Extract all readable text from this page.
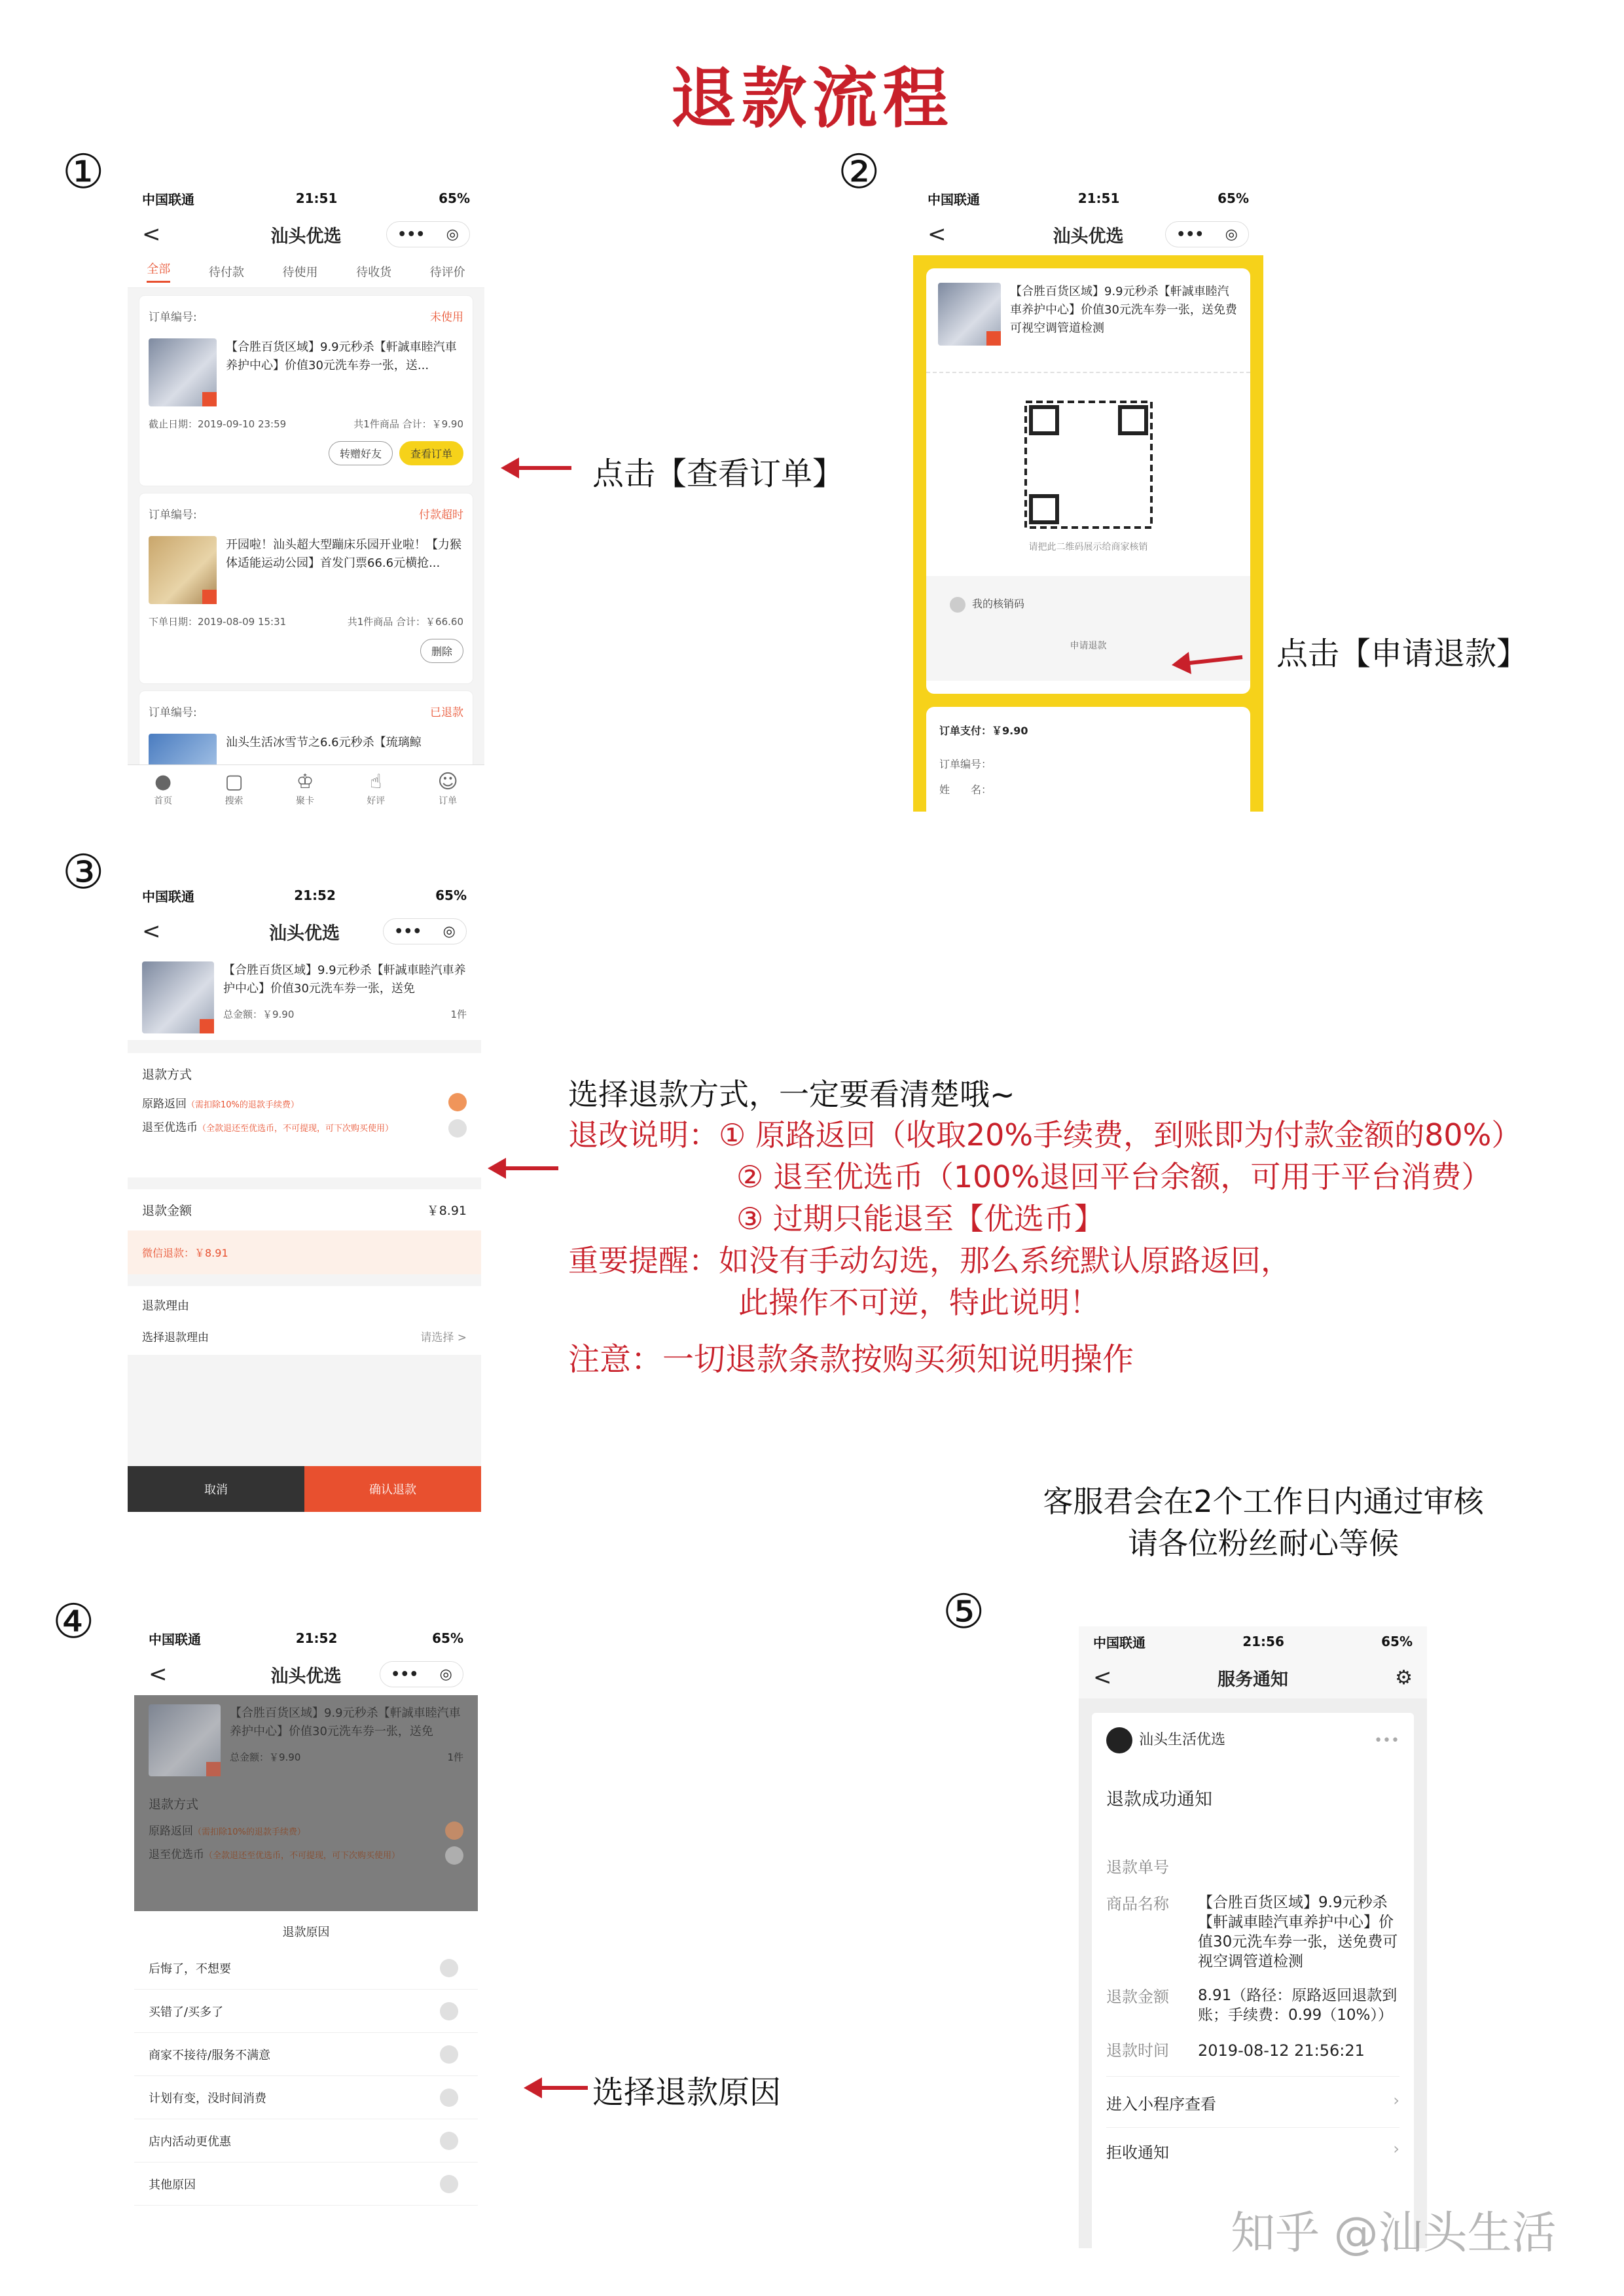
退款流程
①	②
③
④	⑤
中国联通	21:51	65%
<	汕头优选	••• ◎
全部	待付款	待使用	待收货	待评价
订单编号:	未使用
【合胜百货区域】9.9元秒杀【軒誠車睦汽車养护中心】价值30元洗车券一张，送...
截止日期：2019-09-10 23:59	共1件商品 合计：￥9.90
转赠好友	查看订单
订单编号:	付款超时
开园啦！汕头超大型蹦床乐园开业啦！【力猴体适能运动公园】首发门票66.6元横抢...
下单日期：2019-08-09 15:31	共1件商品 合计：￥66.60
删除
订单编号:	已退款
汕头生活冰雪节之6.6元秒杀【琉璃鲸
●
首页
▢
搜索
♔
聚卡
☝
好评
☺
订单
点击【查看订单】
中国联通	21:51	65%
<	汕头优选	••• ◎
【合胜百货区域】9.9元秒杀【軒誠車睦汽車养护中心】价值30元洗车券一张，送免费可视空调管道检测
请把此二维码展示给商家核销
我的核销码
申请退款
订单支付：￥9.90
订单编号：
姓　　名：
点击【申请退款】
中国联通	21:52	65%
<	汕头优选	••• ◎
【合胜百货区域】9.9元秒杀【軒誠車睦汽車养护中心】价值30元洗车券一张，送免
总金额：￥9.90	1件
退款方式
原路返回（需扣除10%的退款手续费）
退至优选币（全款退还至优选币，不可提现，可下次购买使用）
退款金额	￥8.91
微信退款：￥8.91
退款理由
选择退款理由	请选择 >
取消	确认退款
选择退款方式，一定要看清楚哦~
退改说明：① 原路返回（收取20%手续费，到账即为付款金额的80%）
② 退至优选币（100%退回平台余额，可用于平台消费）
③ 过期只能退至【优选币】
重要提醒：如没有手动勾选，那么系统默认原路返回，
此操作不可逆，特此说明！
注意：一切退款条款按购买须知说明操作
客服君会在2个工作日内通过审核
请各位粉丝耐心等候
中国联通	21:52	65%
<	汕头优选	••• ◎
【合胜百货区域】9.9元秒杀【軒誠車睦汽車养护中心】价值30元洗车券一张，送免
总金额：￥9.90	1件
退款方式
原路返回（需扣除10%的退款手续费）
退至优选币（全款退还至优选币，不可提现，可下次购买使用）
退款原因
后悔了，不想要
买错了/买多了
商家不接待/服务不满意
计划有变，没时间消费
店内活动更优惠
其他原因
选择退款原因
中国联通	21:56	65%
<	服务通知	⚙
汕头生活优选	•••
退款成功通知
退款单号
商品名称	【合胜百货区域】9.9元秒杀【軒誠車睦汽車养护中心】价值30元洗车券一张，送免费可视空调管道检测
退款金额	8.91（路径：原路返回退款到账；手续费：0.99（10%））
退款时间	2019-08-12 21:56:21
进入小程序查看	›
拒收通知	›
知乎 @汕头生活
